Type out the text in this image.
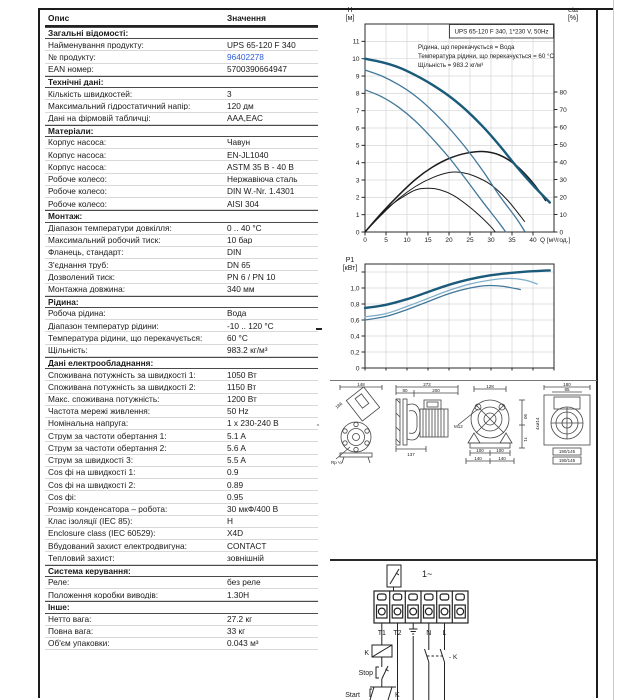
Опис	Значення
Загальні відомості:
Найменування продукту:	UPS 65-120 F 340
№ продукту:	96402278
EAN номер:	5700390664947
Технічні дані:
Кількість швидкостей:	3
Максимальний гідростатичний напір:	120 дм
Дані на фірмовій табличці:	AAA,EAC
Матеріали:
Корпус насоса:	Чавун
Корпус насоса:	EN-JL1040
Корпус насоса:	ASTM 35 B - 40 B
Робоче колесо:	Нержавіюча сталь
Робоче колесо:	DIN W.-Nr. 1.4301
Робоче колесо:	AISI 304
Монтаж:
Діапазон температури довкілля:	0 .. 40 °C
Максимальний робочий тиск:	10 бар
Фланець, стандарт:	DIN
З'єднання труб:	DN 65
Дозволений тиск:	PN 6 / PN 10
Монтажна довжина:	340 мм
Рідина:
Робоча рідина:	Вода
Діапазон температур рідини:	-10 .. 120 °C
Температура рідини, що перекачується:	60 °C
Щільність:	983.2 кг/м³
Дані електрообладнання:
Споживана потужність за швидкості 1:	1050 Вт
Споживана потужність за швидкості 2:	1150 Вт
Макс. споживана потужність:	1200 Вт
Частота мережі живлення:	50 Hz
Номінальна напруга:	1 x 230-240 В
Струм за частоти обертання 1:	5.1 A
Струм за частоти обертання 2:	5.6 A
Струм за швидкості 3:	5.5 A
Cos фі на швидкості 1:	0.9
Cos фі на швидкості 2:	0.89
Cos фі:	0.95
Розмір конденсатора – робота:	30 мкФ/400 В
Клас ізоляції (IEC 85):	H
Enclosure class (IEC 60529):	X4D
Вбудований захист електродвигуна:	CONTACT
Тепловий захист:	зовнішній
Система керування:
Реле:	без реле
Положення коробки виводів:	1.30H
Інше:
Нетто вага:	27.2 кг
Повна вага:	33 кг
Об'єм упаковки:	0.043 м³
0
1
2
3
4
5
6
7
8
9
10
11
0
10
20
30
40
50
60
70
80
0	5 10 15 20 25 30 35 40 Q [м³/год.]
H
[м]
eta
[%]
UPS 65-120 F 340, 1*230 V, 50Hz
Рідина, що перекачується = Вода
Температура рідини, що перекачується = 60 °C
Щільність = 983.2 кг/м³
0
0,2
0,4
0,6
0,8
1,0
P1
[кВт]
148
186
Rp ¼
272
80	200
137
128
M12
100	100
140	140
90
71
180
85
4xø14
190/145
190/145
1~
T1 T2	N L
K
Stop
Start	K
- K
